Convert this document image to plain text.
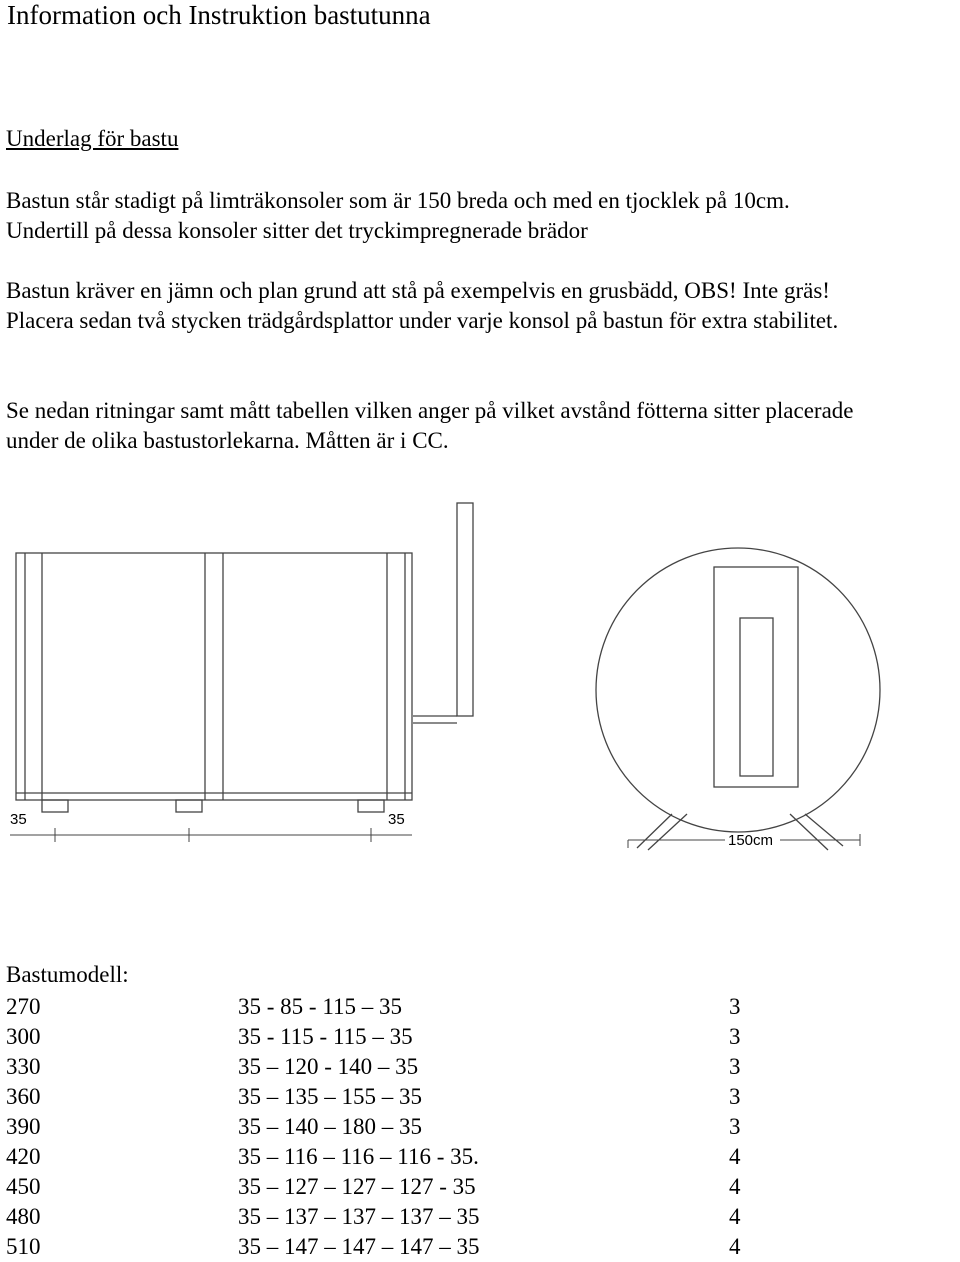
Information och Instruktion bastutunna
Underlag för bastu
Bastun står stadigt på limträkonsoler som är 150 breda och med en tjocklek på 10cm.
Undertill på dessa konsoler sitter det tryckimpregnerade brädor
Bastun kräver en jämn och plan grund att stå på exempelvis en grusbädd, OBS! Inte gräs!
Placera sedan två stycken trädgårdsplattor under varje konsol på bastun för extra stabilitet.
Se nedan ritningar samt mått tabellen vilken anger på vilket avstånd fötterna sitter placerade
under de olika bastustorlekarna. Måtten är i CC.
35	35
150cm
Bastumodell:
270	35 - 85 - 115 – 35	3
300	35 - 115 - 115 – 35	3
330	35 – 120 - 140 – 35	3
360	35 – 135 – 155 – 35	3
390	35 – 140 – 180 – 35	3
420	35 – 116 – 116 – 116 - 35.	4
450	35 – 127 – 127 – 127 - 35	4
480	35 – 137 – 137 – 137 – 35	4
510	35 – 147 – 147 – 147 – 35	4
